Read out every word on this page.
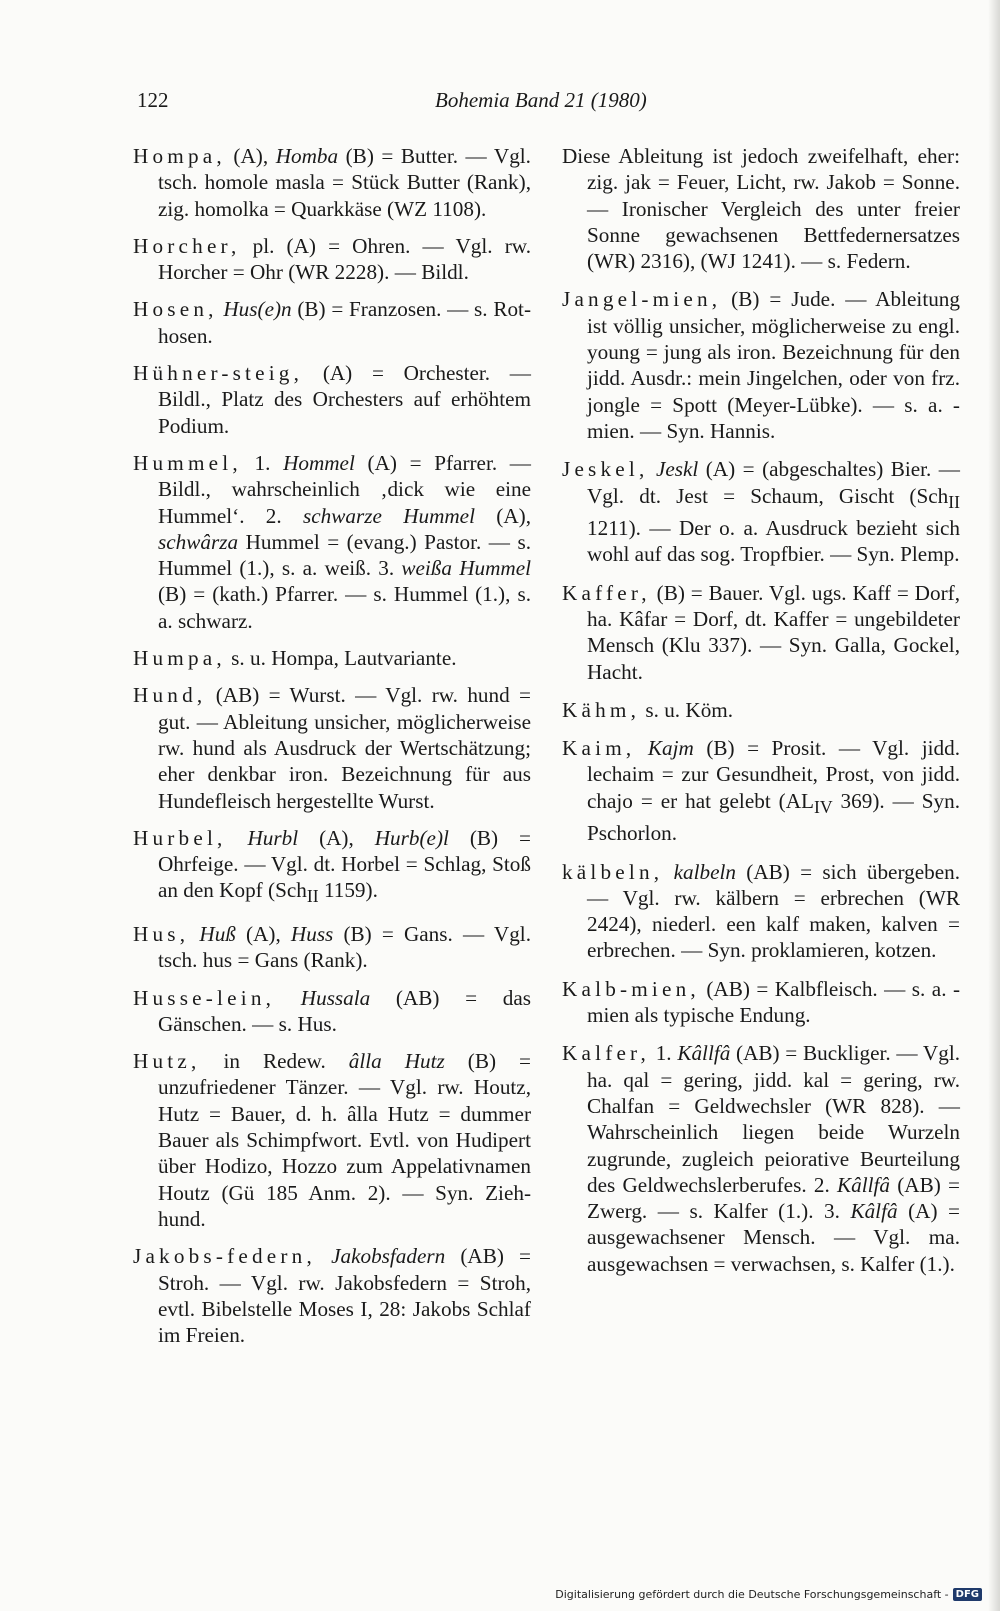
122	Bohemia Band 21 (1980)

Hompa, (A), Homba (B) = Butter. — Vgl. tsch. homole masla = Stück Butter (Rank), zig. homolka = Quarkkäse (WZ 1108).

Horcher, pl. (A) = Ohren. — Vgl. rw. Horcher = Ohr (WR 2228). — Bildl.

Hosen, Hus(e)n (B) = Franzosen. — s. Rot-hosen.

Hühner-steig, (A) = Orchester. — Bildl., Platz des Orchesters auf erhöhtem Podium.

Hummel, 1. Hommel (A) = Pfarrer. — Bildl., wahrscheinlich ‚dick wie eine Hummel‘. 2. schwarze Hummel (A), schwârza Hummel = (evang.) Pastor. — s. Hummel (1.), s. a. weiß. 3. weißa Hummel (B) = (kath.) Pfarrer. — s. Hummel (1.), s. a. schwarz.

Humpa, s. u. Hompa, Lautvariante.

Hund, (AB) = Wurst. — Vgl. rw. hund = gut. — Ableitung unsicher, möglicherweise rw. hund als Ausdruck der Wertschätzung; eher denkbar iron. Bezeichnung für aus Hundefleisch hergestellte Wurst.

Hurbel, Hurbl (A), Hurb(e)l (B) = Ohrfeige. — Vgl. dt. Horbel = Schlag, Stoß an den Kopf (Sch$_{II}$ 1159).

Hus, Huß (A), Huss (B) = Gans. — Vgl. tsch. hus = Gans (Rank).

Husse-lein, Hussala (AB) = das Gänschen. — s. Hus.

Hutz, in Redew. âlla Hutz (B) = unzufriedener Tänzer. — Vgl. rw. Houtz, Hutz = Bauer, d. h. âlla Hutz = dummer Bauer als Schimpfwort. Evtl. von Hudipert über Hodizo, Hozzo zum Appelativnamen Houtz (Gü 185 Anm. 2). — Syn. Zieh-hund.

Jakobs-federn, Jakobsfadern (AB) = Stroh. — Vgl. rw. Jakobsfedern = Stroh, evtl. Bibelstelle Moses I, 28: Jakobs Schlaf im Freien.

Diese Ableitung ist jedoch zweifelhaft, eher: zig. jak = Feuer, Licht, rw. Jakob = Sonne. — Ironischer Vergleich des unter freier Sonne gewachsenen Bettfedernersatzes (WR) 2316), (WJ 1241). — s. Federn.

Jangel-mien, (B) = Jude. — Ableitung ist völlig unsicher, möglicherweise zu engl. young = jung als iron. Bezeichnung für den jidd. Ausdr.: mein Jingelchen, oder von frz. jongle = Spott (Meyer-Lübke). — s. a. -mien. — Syn. Hannis.

Jeskel, Jeskl (A) = (abgeschaltes) Bier. — Vgl. dt. Jest = Schaum, Gischt (Sch$_{II}$ 1211). — Der o. a. Ausdruck bezieht sich wohl auf das sog. Tropfbier. — Syn. Plemp.

Kaffer, (B) = Bauer. Vgl. ugs. Kaff = Dorf, ha. Kâfar = Dorf, dt. Kaffer = ungebildeter Mensch (Klu 337). — Syn. Galla, Gockel, Hacht.

Kähm, s. u. Köm.

Kaim, Kajm (B) = Prosit. — Vgl. jidd. lechaim = zur Gesundheit, Prost, von jidd. chajo = er hat gelebt ($AL_{IV}$ 369). — Syn. Pschorlon.

kälbeln, kalbeln (AB) = sich übergeben. — Vgl. rw. kälbern = erbrechen (WR 2424), niederl. een kalf maken, kalven = erbrechen. — Syn. proklamieren, kotzen.

Kalb-mien, (AB) = Kalbfleisch. — s. a. -mien als typische Endung.

Kalfer, 1. Kâllfâ (AB) = Buckliger. — Vgl. ha. qal = gering, jidd. kal = gering, rw. Chalfan = Geldwechsler (WR 828). — Wahrscheinlich liegen beide Wurzeln zugrunde, zugleich peiorative Beurteilung des Geldwechslerberufes. 2. Kâllfâ (AB) = Zwerg. — s. Kalfer (1.). 3. Kâlfâ (A) = ausgewachsener Mensch. — Vgl. ma. ausgewachsen = verwachsen, s. Kalfer (1.).

Digitalisierung gefördert durch die Deutsche Forschungsgemeinschaft - DFG
